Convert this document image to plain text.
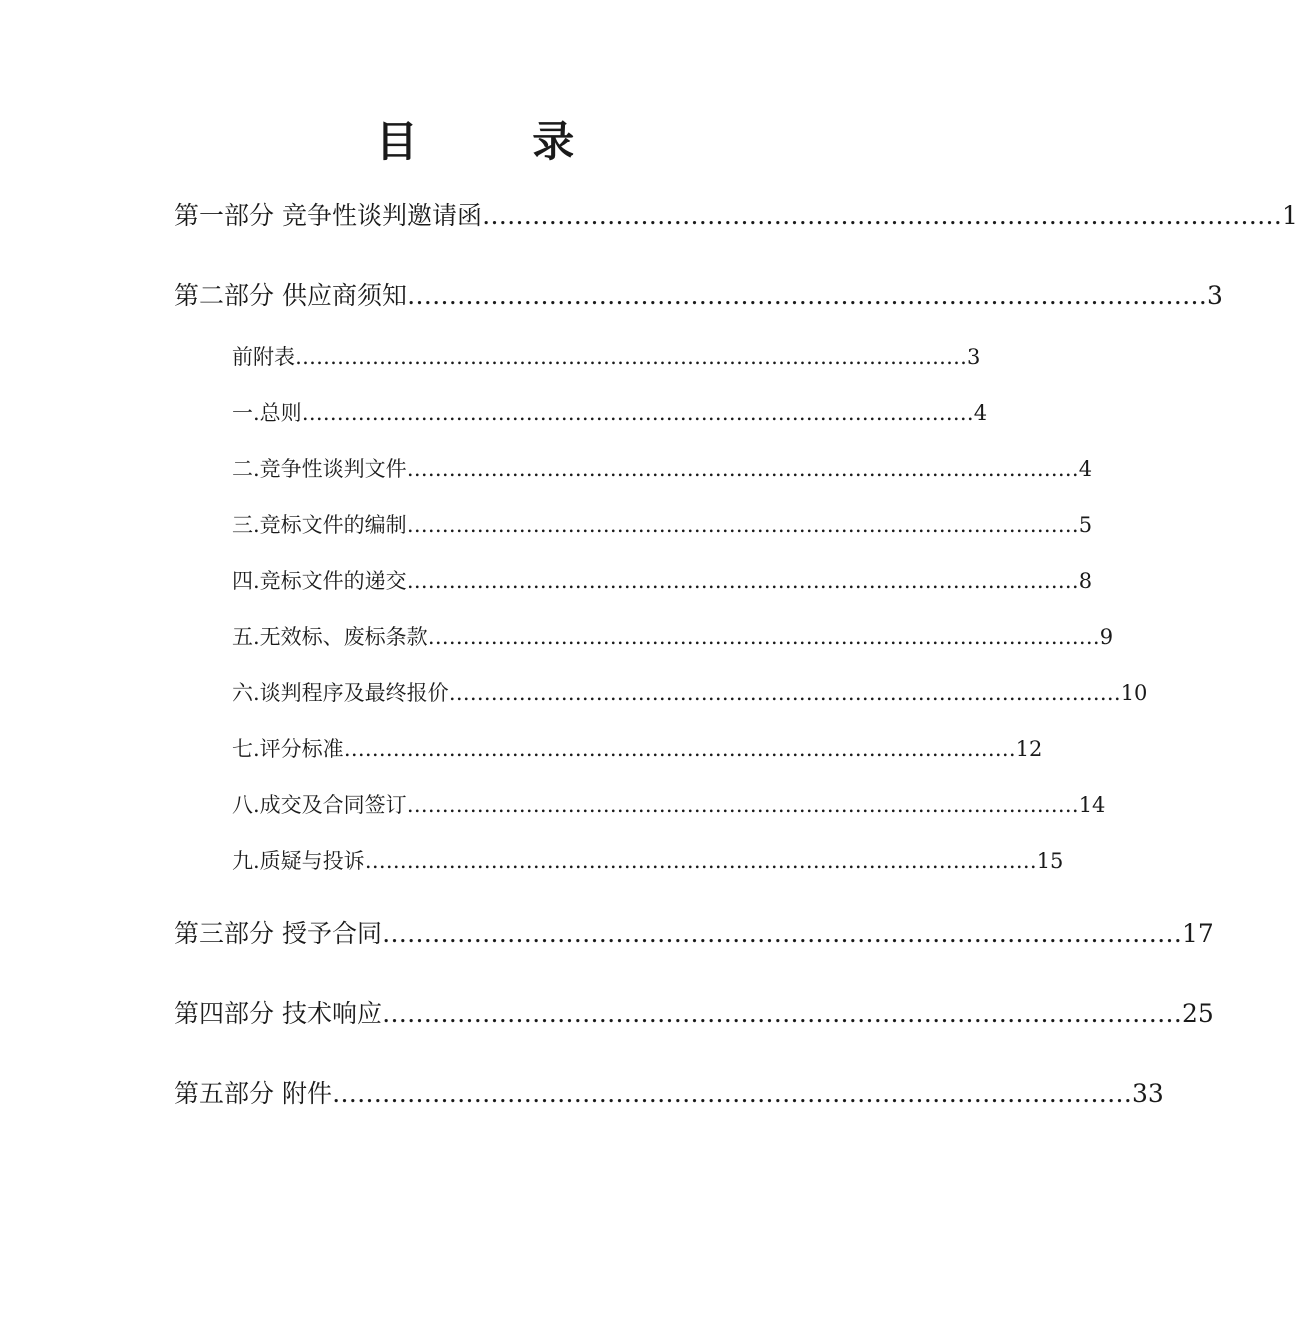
目 录
第一部分 竞争性谈判邀请函 …………………………………………………………………………………… 1
第二部分 供应商须知 …………………………………………………………………………………… 3
前附表 …………………………………………………………………………………… 3
一.总则 …………………………………………………………………………………… 4
二.竞争性谈判文件 …………………………………………………………………………………… 4
三.竞标文件的编制 …………………………………………………………………………………… 5
四.竞标文件的递交 …………………………………………………………………………………… 8
五.无效标、废标条款 …………………………………………………………………………………… 9
六.谈判程序及最终报价 …………………………………………………………………………………… 10
七.评分标准 …………………………………………………………………………………… 12
八.成交及合同签订 …………………………………………………………………………………… 14
九.质疑与投诉 …………………………………………………………………………………… 15
第三部分 授予合同 …………………………………………………………………………………… 17
第四部分 技术响应 …………………………………………………………………………………… 25
第五部分 附件 …………………………………………………………………………………… 33
